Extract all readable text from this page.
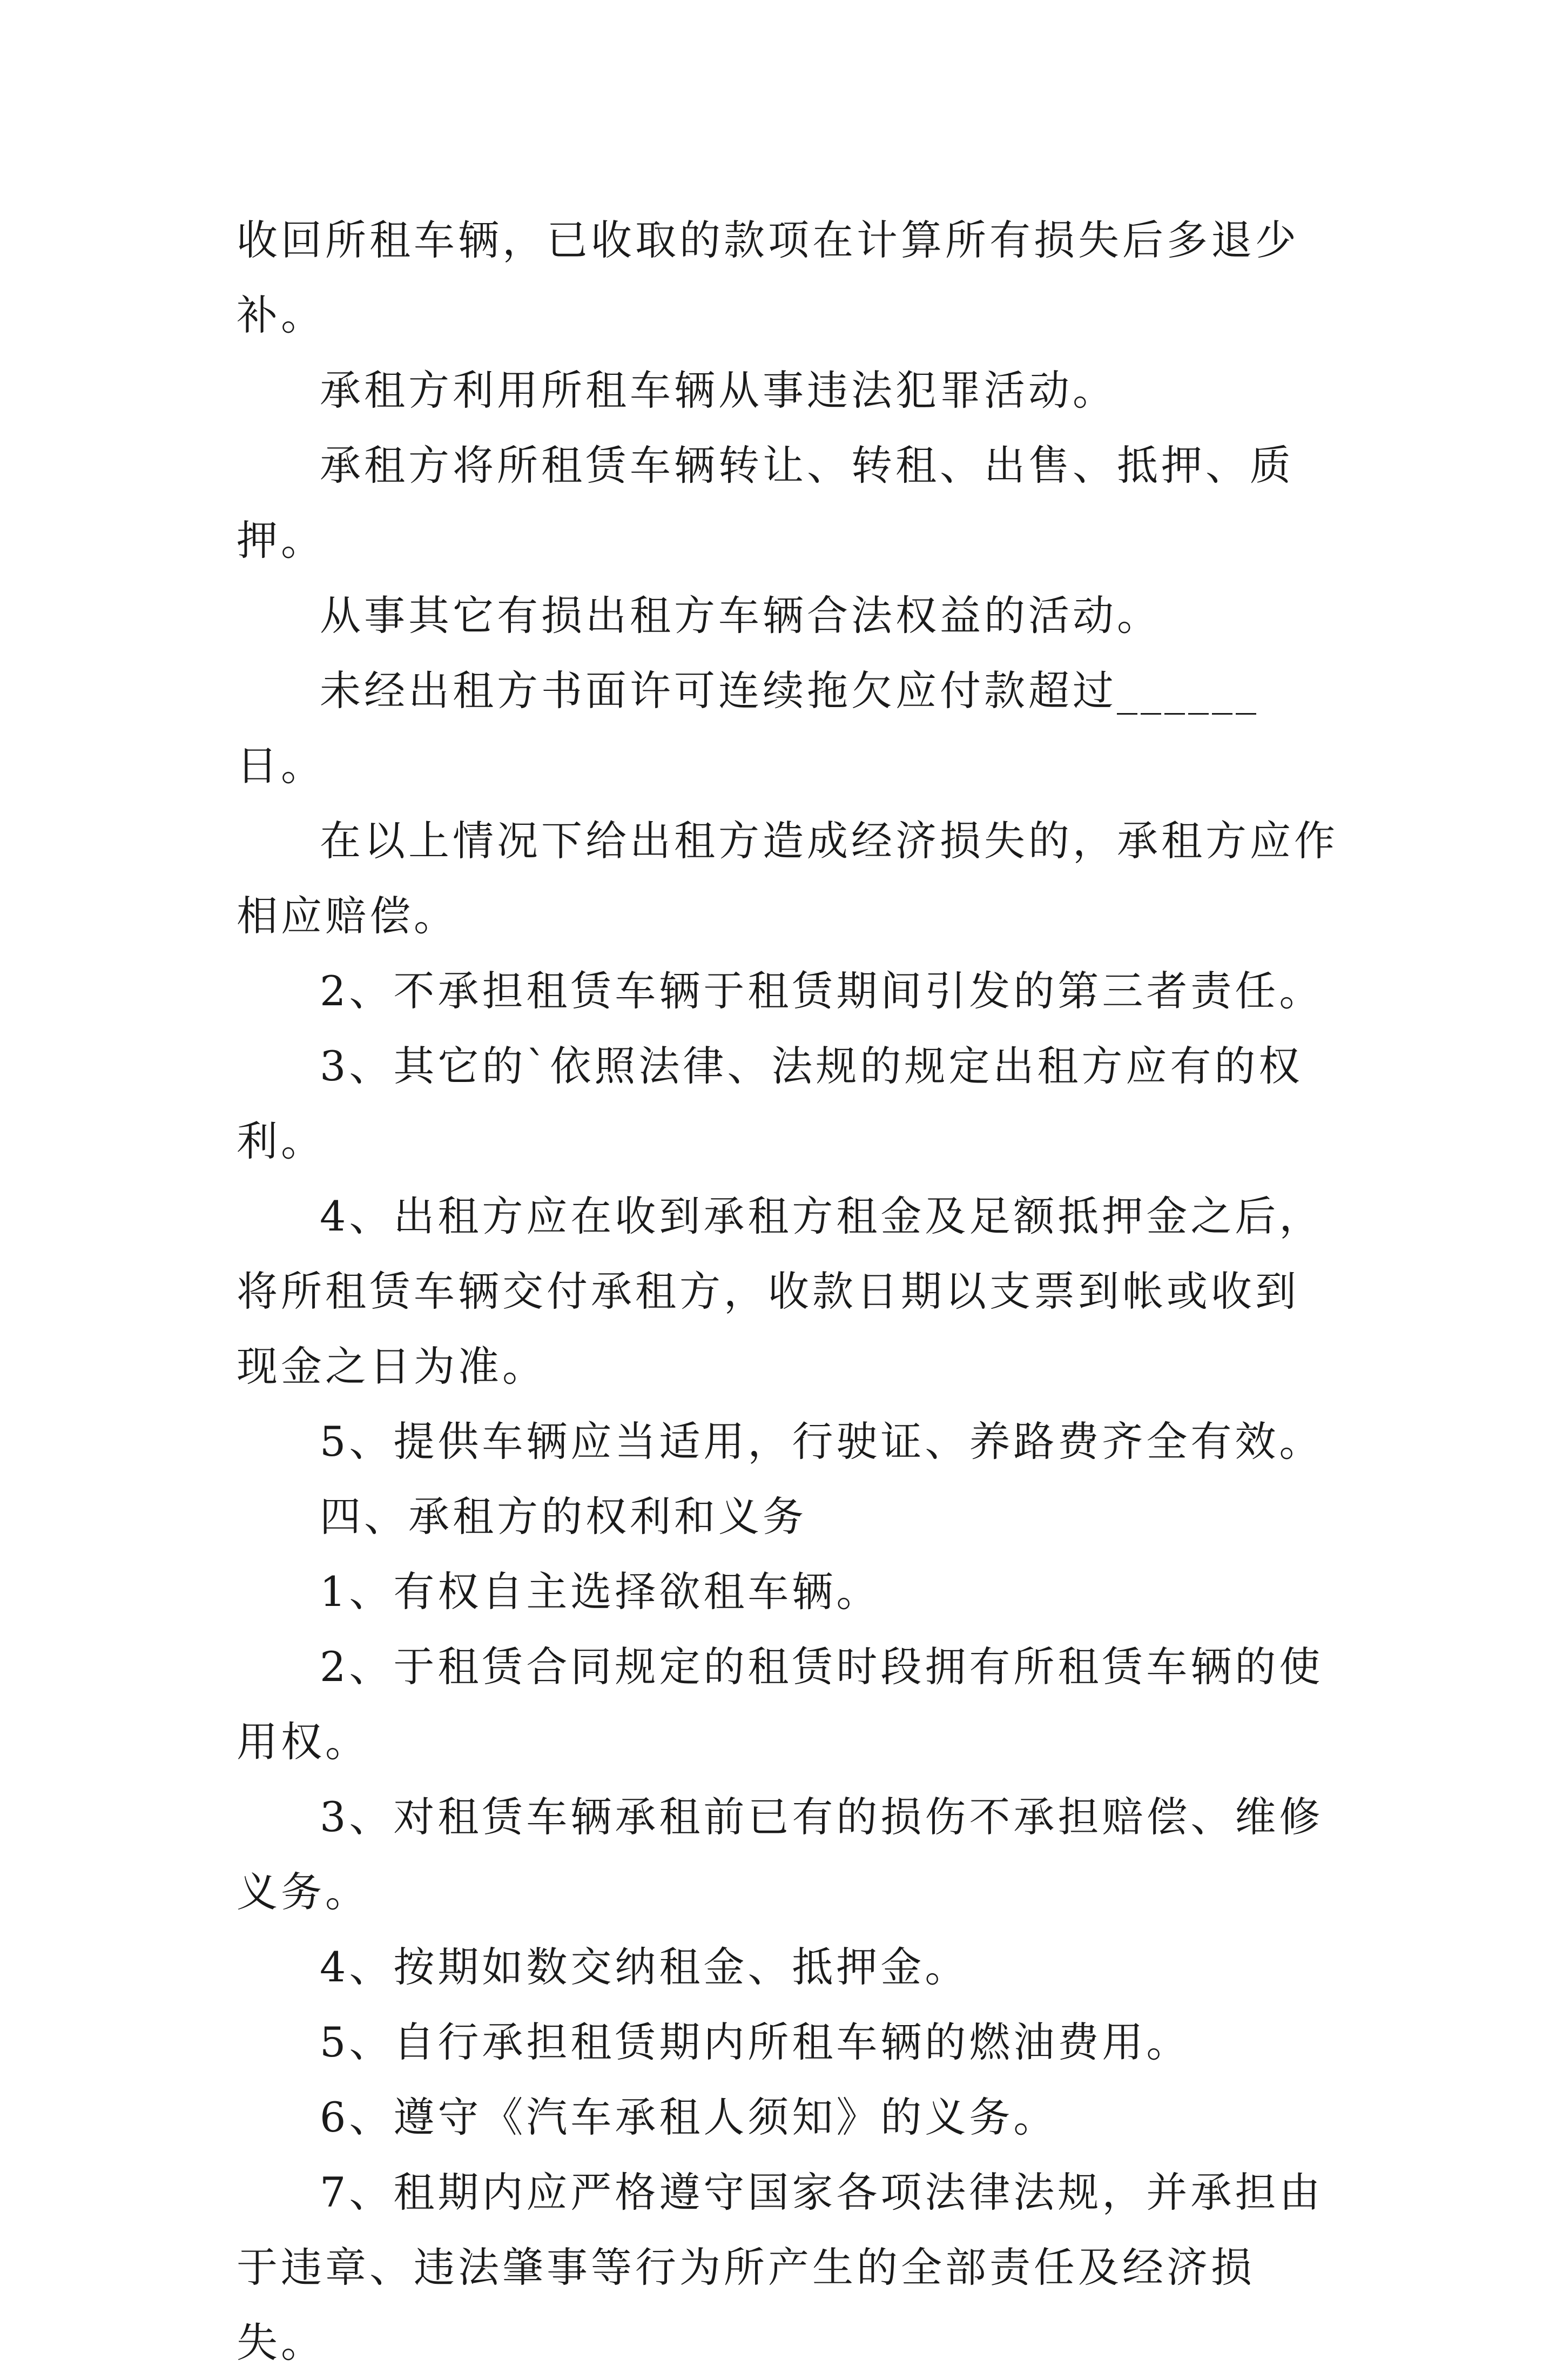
收回所租车辆，已收取的款项在计算所有损失后多退少补。

承租方利用所租车辆从事违法犯罪活动。

承租方将所租赁车辆转让、转租、出售、抵押、质押。

从事其它有损出租方车辆合法权益的活动。

未经出租方书面许可连续拖欠应付款超过______日。

在以上情况下给出租方造成经济损失的，承租方应作相应赔偿。

2、不承担租赁车辆于租赁期间引发的第三者责任。

3、其它的`依照法律、法规的规定出租方应有的权利。

4、出租方应在收到承租方租金及足额抵押金之后，将所租赁车辆交付承租方，收款日期以支票到帐或收到现金之日为准。

5、提供车辆应当适用，行驶证、养路费齐全有效。

四、承租方的权利和义务

1、有权自主选择欲租车辆。

2、于租赁合同规定的租赁时段拥有所租赁车辆的使用权。

3、对租赁车辆承租前已有的损伤不承担赔偿、维修义务。

4、按期如数交纳租金、抵押金。

5、自行承担租赁期内所租车辆的燃油费用。

6、遵守《汽车承租人须知》的义务。

7、租期内应严格遵守国家各项法律法规，并承担由于违章、违法肇事等行为所产生的全部责任及经济损失。
